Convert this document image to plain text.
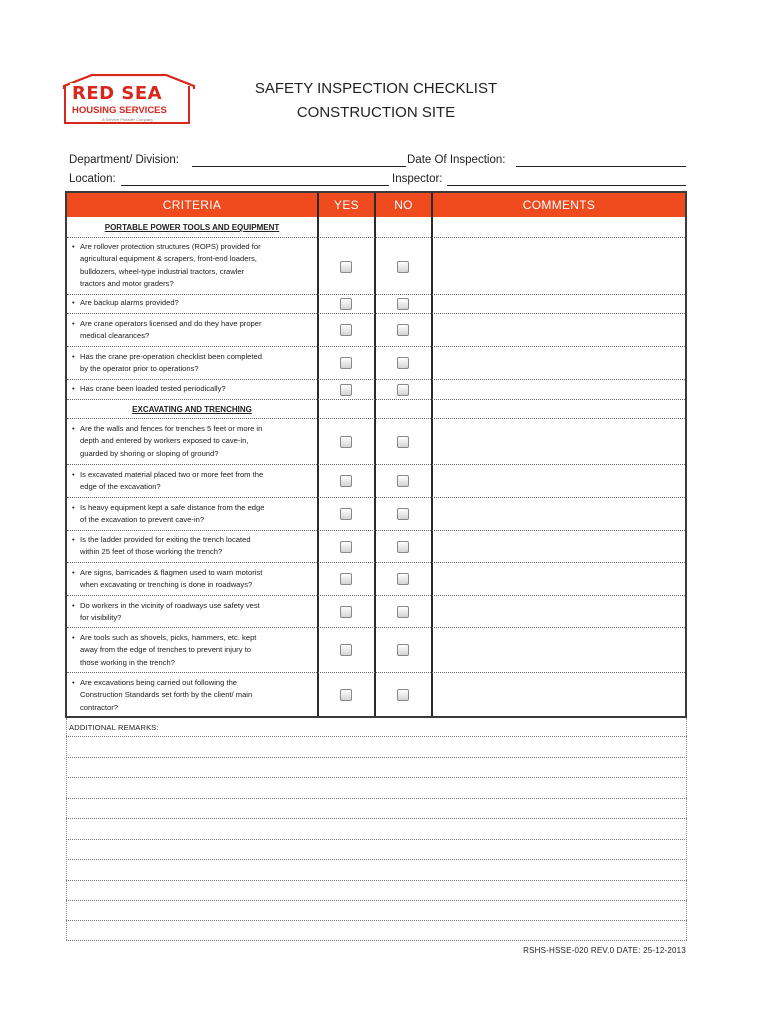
RED SEA
HOUSING SERVICES
A Service Provider Company
SAFETY INSPECTION CHECKLIST
CONSTRUCTION SITE
Department/ Division:	Date Of Inspection:
Location:	Inspector:
CRITERIA	YES	NO	COMMENTS
PORTABLE POWER TOOLS AND EQUIPMENT
• Are rollover protection structures (ROPS) provided for
agricultural equipment & scrapers, front-end loaders,
bulldozers, wheel-type industrial tractors, crawler
tractors and motor graders?
• Are backup alarms provided?
• Are crane operators licensed and do they have proper
medical clearances?
• Has the crane pre-operation checklist been completed
by the operator prior to operations?
• Has crane been loaded tested periodically?
EXCAVATING AND TRENCHING
• Are the walls and fences for trenches 5 feet or more in
depth and entered by workers exposed to cave-in,
guarded by shoring or sloping of ground?
• Is excavated material placed two or more feet from the
edge of the excavation?
• Is heavy equipment kept a safe distance from the edge
of the excavation to prevent cave-in?
• Is the ladder provided for exiting the trench located
within 25 feet of those working the trench?
• Are signs, barricades & flagmen used to warn motorist
when excavating or trenching is done in roadways?
• Do workers in the vicinity of roadways use safety vest
for visibility?
• Are tools such as shovels, picks, hammers, etc. kept
away from the edge of trenches to prevent injury to
those working in the trench?
• Are excavations being carried out following the
Construction Standards set forth by the client/ main
contractor?
ADDITIONAL REMARKS:
RSHS-HSSE-020 REV.0 DATE: 25-12-2013
